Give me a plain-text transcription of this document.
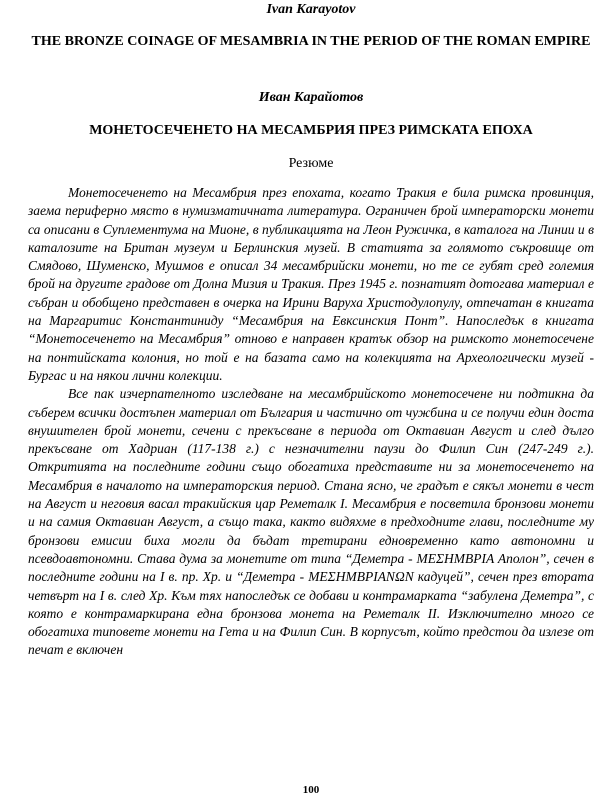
Ivan Karayotov
THE BRONZE COINAGE OF MESAMBRIA IN THE PERIOD OF THE ROMAN EMPIRE
Иван Карайотов
МОНЕТОСЕЧЕНЕТО НА МЕСАМБРИЯ ПРЕЗ РИМСКАТА ЕПОХА
Резюме

Монетосеченето на Месамбрия през епохата, когато Тракия е била римска провинция, заема периферно място в нумизматичната литература. Ограничен брой императорски монети са описани в Суплементума на Мионе, в публикацията на Леон Ружичка, в каталога на Линии и в каталозите на Британ музеум и Берлинския музей. В статията за голямото съкровище от Смядово, Шуменско, Мушмов е описал 34 месамбрийски монети, но те се губят сред големия брой на другите градове от Долна Мизия и Тракия. През 1945 г. познатият дотогава материал е събран и обобщено представен в очерка на Ирини Варуха Христодулопулу, отпечатан в книгата на Маргаритис Константиниду “Месамбрия на Евксинския Понт”. Напоследък в книгата “Монетосеченето на Месамбрия” отново е направен кратък обзор на римското монетосечене на понтийската колония, но той е на базата само на колекцията на Археологически музей - Бургас и на някои лични колекции.

Все пак изчерпателното изследване на месамбрийското монетосечене ни подтикна да съберем всички достъпен материал от България и частично от чужбина и се получи един доста внушителен брой монети, сечени с прекъсване в периода от Октавиан Август и след дълго прекъсване от Хадриан (117-138 г.) с незначителни паузи до Филип Син (247-249 г.). Откритията на последните години също обогатиха представите ни за монетосеченето на Месамбрия в началото на императорския период. Стана ясно, че градът е сякъл монети в чест на Август и неговия васал тракийския цар Реметалк I. Месамбрия е посветила бронзови монети и на самия Октавиан Август, а също така, както видяхме в предходните глави, последните му бронзови емисии биха могли да бъдат третирани едновременно като автономни и псевдоавтономни. Става дума за монетите от типа “Деметра - ΜΕΣΗΜΒΡΙΑ Аполон”, сечен в последните години на I в. пр. Хр. и “Деметра - ΜΕΣΗΜΒΡΙΑΝΩΝ кадуцей”, сечен през втората четвърт на I в. след Хр. Към тях напоследък се добави и контрамарката “забулена Деметра”, с която е контрамаркирана една бронзова монета на Реметалк II. Изключително много се обогатиха типовете монети на Гета и на Филип Син. В корпусът, който предстои да излезе от печат е включен

100
